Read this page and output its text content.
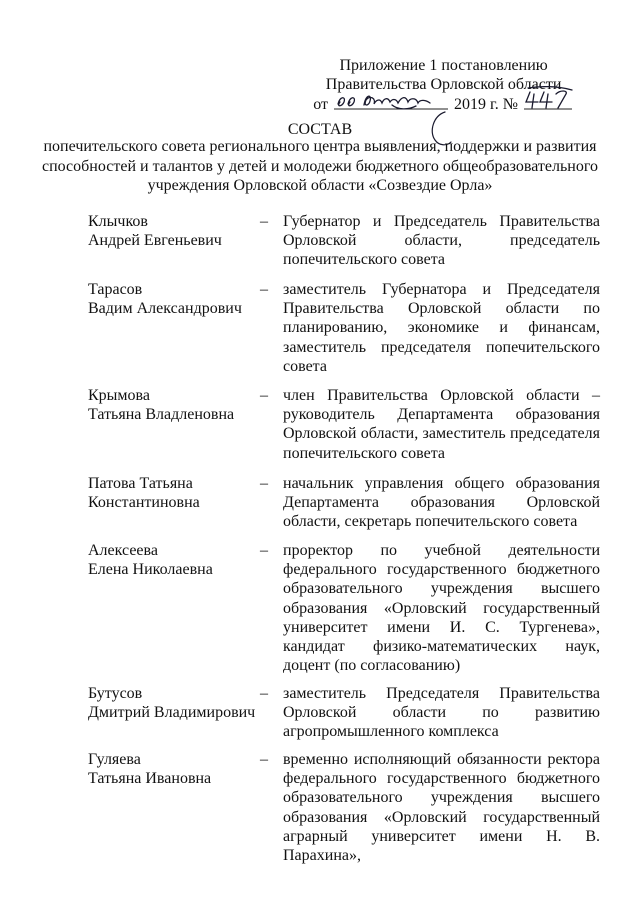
Приложение 1 постановлению
Правительства Орловской области
от	2019 г. №
СОСТАВ
попечительского совета регионального центра выявления, поддержки и развития способностей и талантов у детей и молодежи бюджетного общеобразовательного учреждения Орловской области «Созвездие Орла»
Клычков
Андрей Евгеньевич
– Губернатор и Председатель Правительства Орловской области, председатель попечительского совета
Тарасов
Вадим Александрович
– заместитель Губернатора и Председателя Правительства Орловской области по планированию, экономике и финансам, заместитель председателя попечительского совета
Крымова
Татьяна Владленовна
– член Правительства Орловской области – руководитель Департамента образования Орловской области, заместитель председателя попечительского совета
Патова Татьяна
Константиновна
– начальник управления общего образования Департамента образования Орловской области, секретарь попечительского совета
Алексеева
Елена Николаевна
– проректор по учебной деятельности федерального государственного бюджетного образовательного учреждения высшего образования «Орловский государственный университет имени И. С. Тургенева», кандидат физико-математических наук, доцент (по согласованию)
Бутусов
Дмитрий Владимирович
– заместитель Председателя Правительства Орловской области по развитию агропромышленного комплекса
Гуляева
Татьяна Ивановна
– временно исполняющий обязанности ректора федерального государственного бюджетного образовательного учреждения высшего образования «Орловский государственный аграрный университет имени Н. В. Парахина»,
